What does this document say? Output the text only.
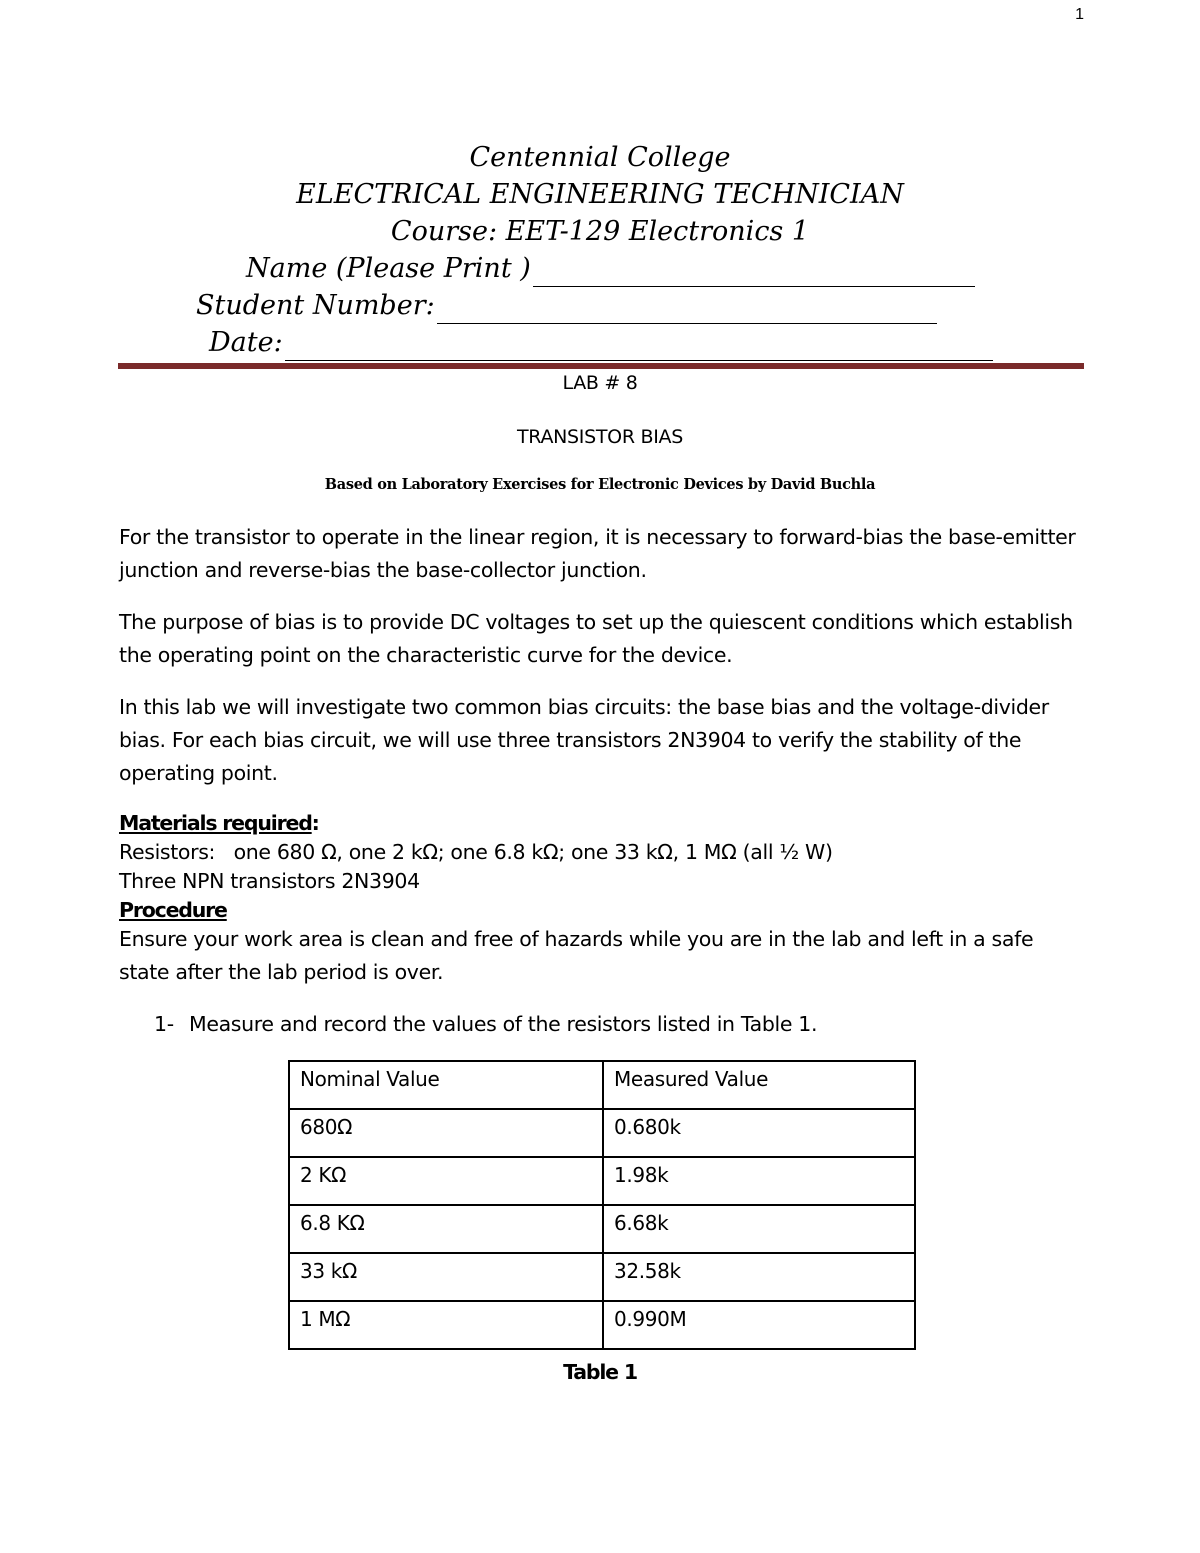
1
Centennial College
ELECTRICAL ENGINEERING TECHNICIAN
Course: EET-129 Electronics 1
Name (Please Print )
Student Number:
Date:
LAB # 8
TRANSISTOR BIAS
Based on Laboratory Exercises for Electronic Devices by David Buchla
For the transistor to operate in the linear region, it is necessary to forward-bias the base-emitter junction and reverse-bias the base-collector junction.
The purpose of bias is to provide DC voltages to set up the quiescent conditions which establish the operating point on the characteristic curve for the device.
In this lab we will investigate two common bias circuits: the base bias and the voltage-divider bias. For each bias circuit, we will use three transistors 2N3904 to verify the stability of the operating point.
Materials required:
Resistors:   one 680 Ω, one 2 kΩ; one 6.8 kΩ; one 33 kΩ, 1 MΩ (all ½ W)
Three NPN transistors 2N3904
Procedure
Ensure your work area is clean and free of hazards while you are in the lab and left in a safe state after the lab period is over.
1- Measure and record the values of the resistors listed in Table 1.
Nominal Value	Measured Value
680Ω	0.680k
2 KΩ	1.98k
6.8 KΩ	6.68k
33 kΩ	32.58k
1 MΩ	0.990M
Table 1
